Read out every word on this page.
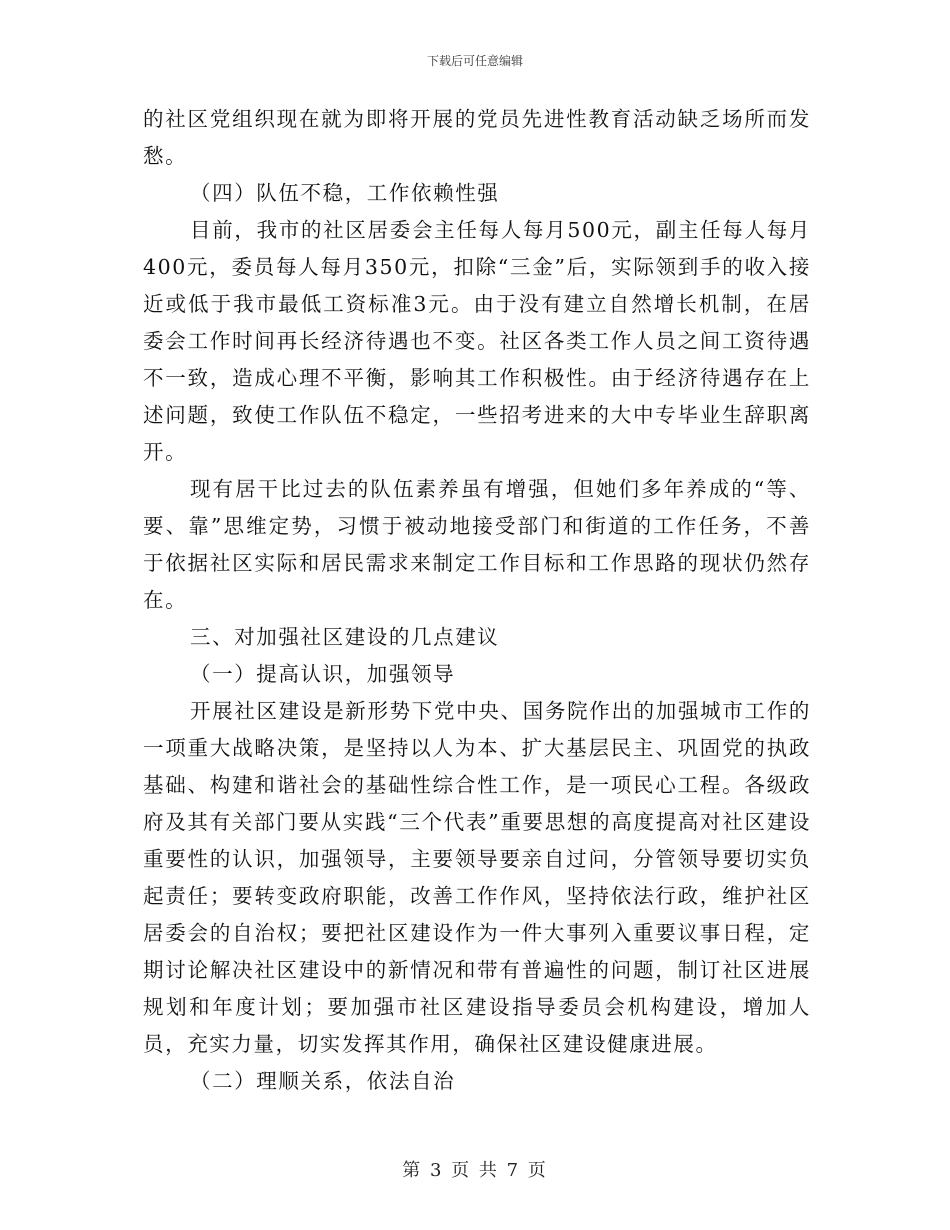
下载后可任意编辑

的社区党组织现在就为即将开展的党员先进性教育活动缺乏场所而发愁。

（四）队伍不稳，工作依赖性强

目前，我市的社区居委会主任每人每月500元，副主任每人每月400元，委员每人每月350元，扣除“三金”后，实际领到手的收入接近或低于我市最低工资标准3元。由于没有建立自然增长机制，在居委会工作时间再长经济待遇也不变。社区各类工作人员之间工资待遇不一致，造成心理不平衡，影响其工作积极性。由于经济待遇存在上述问题，致使工作队伍不稳定，一些招考进来的大中专毕业生辞职离开。

现有居干比过去的队伍素养虽有增强，但她们多年养成的“等、要、靠”思维定势，习惯于被动地接受部门和街道的工作任务，不善于依据社区实际和居民需求来制定工作目标和工作思路的现状仍然存在。

三、对加强社区建设的几点建议

（一）提高认识，加强领导

开展社区建设是新形势下党中央、国务院作出的加强城市工作的一项重大战略决策，是坚持以人为本、扩大基层民主、巩固党的执政基础、构建和谐社会的基础性综合性工作，是一项民心工程。各级政府及其有关部门要从实践“三个代表”重要思想的高度提高对社区建设重要性的认识，加强领导，主要领导要亲自过问，分管领导要切实负起责任；要转变政府职能，改善工作作风，坚持依法行政，维护社区居委会的自治权；要把社区建设作为一件大事列入重要议事日程，定期讨论解决社区建设中的新情况和带有普遍性的问题，制订社区进展规划和年度计划；要加强市社区建设指导委员会机构建设，增加人员，充实力量，切实发挥其作用，确保社区建设健康进展。

（二）理顺关系，依法自治

第 3 页 共 7 页
